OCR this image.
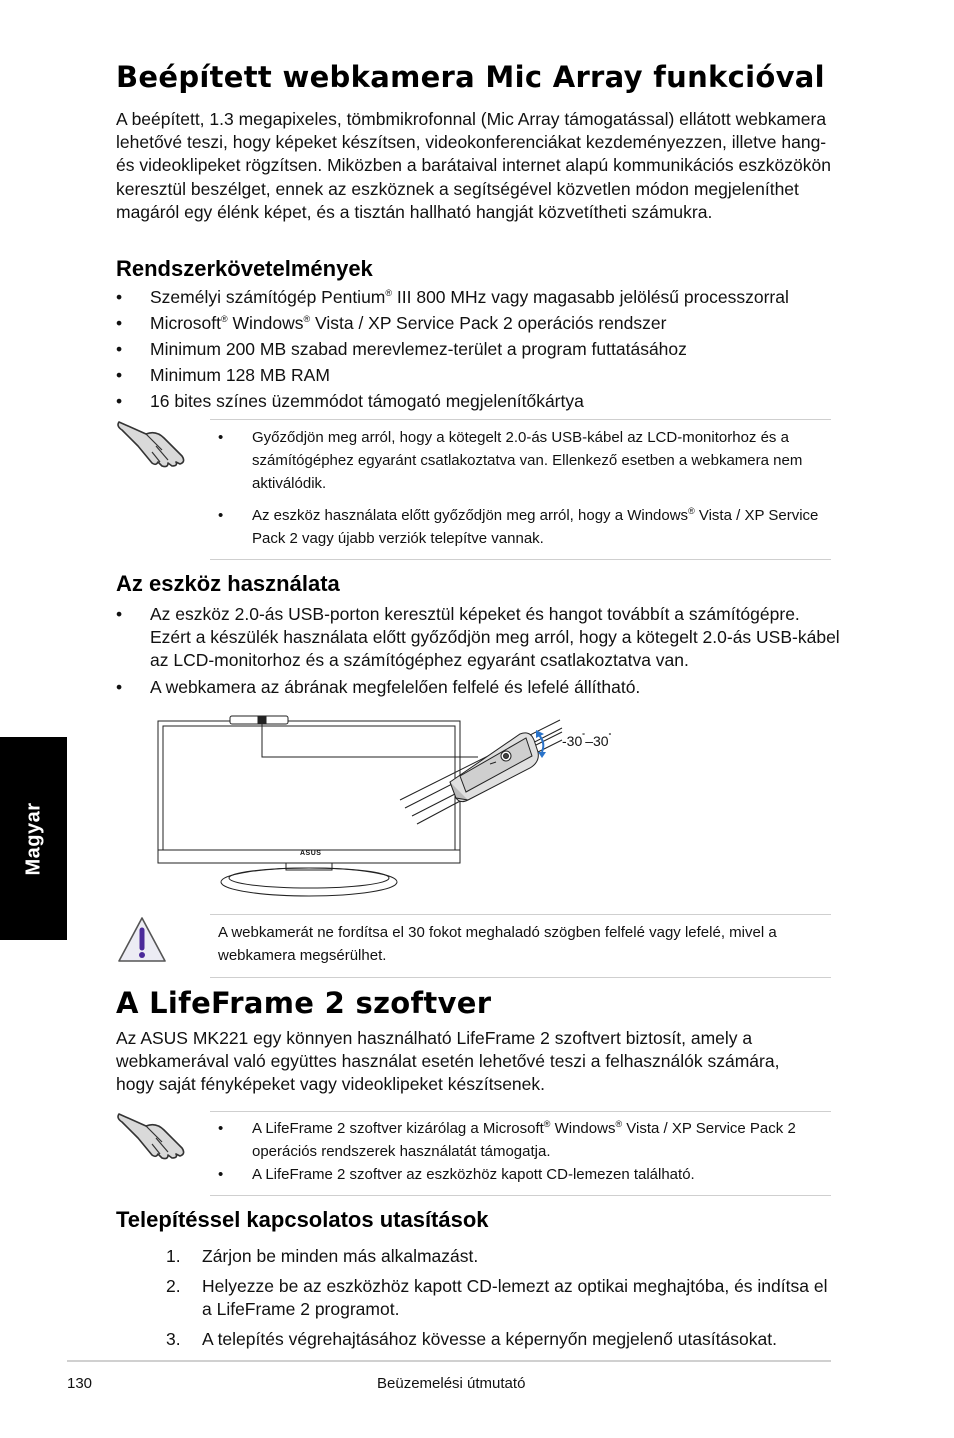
Beépített webkamera Mic Array funkcióval

A beépített, 1.3 megapixeles, tömbmikrofonnal (Mic Array támogatással) ellátott webkamera lehetővé teszi, hogy képeket készítsen, videokonferenciákat kezdeményezzen, illetve hang- és videoklipeket rögzítsen. Miközben a barátaival internet alapú kommunikációs eszközökön keresztül beszélget, ennek az eszköznek a segítségével közvetlen módon megjeleníthet magáról egy élénk képet, és a tisztán hallható hangját közvetítheti számukra.

Rendszerkövetelmények
• Személyi számítógép Pentium® III 800 MHz vagy magasabb jelölésű processzorral
• Microsoft® Windows® Vista / XP Service Pack 2 operációs rendszer
• Minimum 200 MB szabad merevlemez-terület a program futtatásához
• Minimum 128 MB RAM
• 16 bites színes üzemmódot támogató megjelenítőkártya
• Győződjön meg arról, hogy a kötegelt 2.0-ás USB-kábel az LCD-monitorhoz és a számítógéphez egyaránt csatlakoztatva van. Ellenkező esetben a webkamera nem aktiválódik.
• Az eszköz használata előtt győződjön meg arról, hogy a Windows® Vista / XP Service Pack 2 vagy újabb verziók telepítve vannak.
Az eszköz használata
• Az eszköz 2.0-ás USB-porton keresztül képeket és hangot továbbít a számítógépre. Ezért a készülék használata előtt győződjön meg arról, hogy a kötegelt 2.0-ás USB-kábel az LCD-monitorhoz és a számítógéphez egyaránt csatlakoztatva van.
• A webkamera az ábrának megfelelően felfelé és lefelé állítható.
Magyar	ASUS
-30˚–30˚

A webkamerát ne fordítsa el 30 fokot meghaladó szögben felfelé vagy lefelé, mivel a webkamera megsérülhet.

A LifeFrame 2 szoftver

Az ASUS MK221 egy könnyen használható LifeFrame 2 szoftvert biztosít, amely a webkamerával való együttes használat esetén lehetővé teszi a felhasználók számára, hogy saját fényképeket vagy videoklipeket készítsenek.

• A LifeFrame 2 szoftver kizárólag a Microsoft® Windows® Vista / XP Service Pack 2 operációs rendszerek használatát támogatja.
• A LifeFrame 2 szoftver az eszközhöz kapott CD-lemezen található.
Telepítéssel kapcsolatos utasítások
1. Zárjon be minden más alkalmazást.
2. Helyezze be az eszközhöz kapott CD-lemezt az optikai meghajtóba, és indítsa el a LifeFrame 2 programot.
3. A telepítés végrehajtásához kövesse a képernyőn megjelenő utasításokat.
130	Beüzemelési útmutató
